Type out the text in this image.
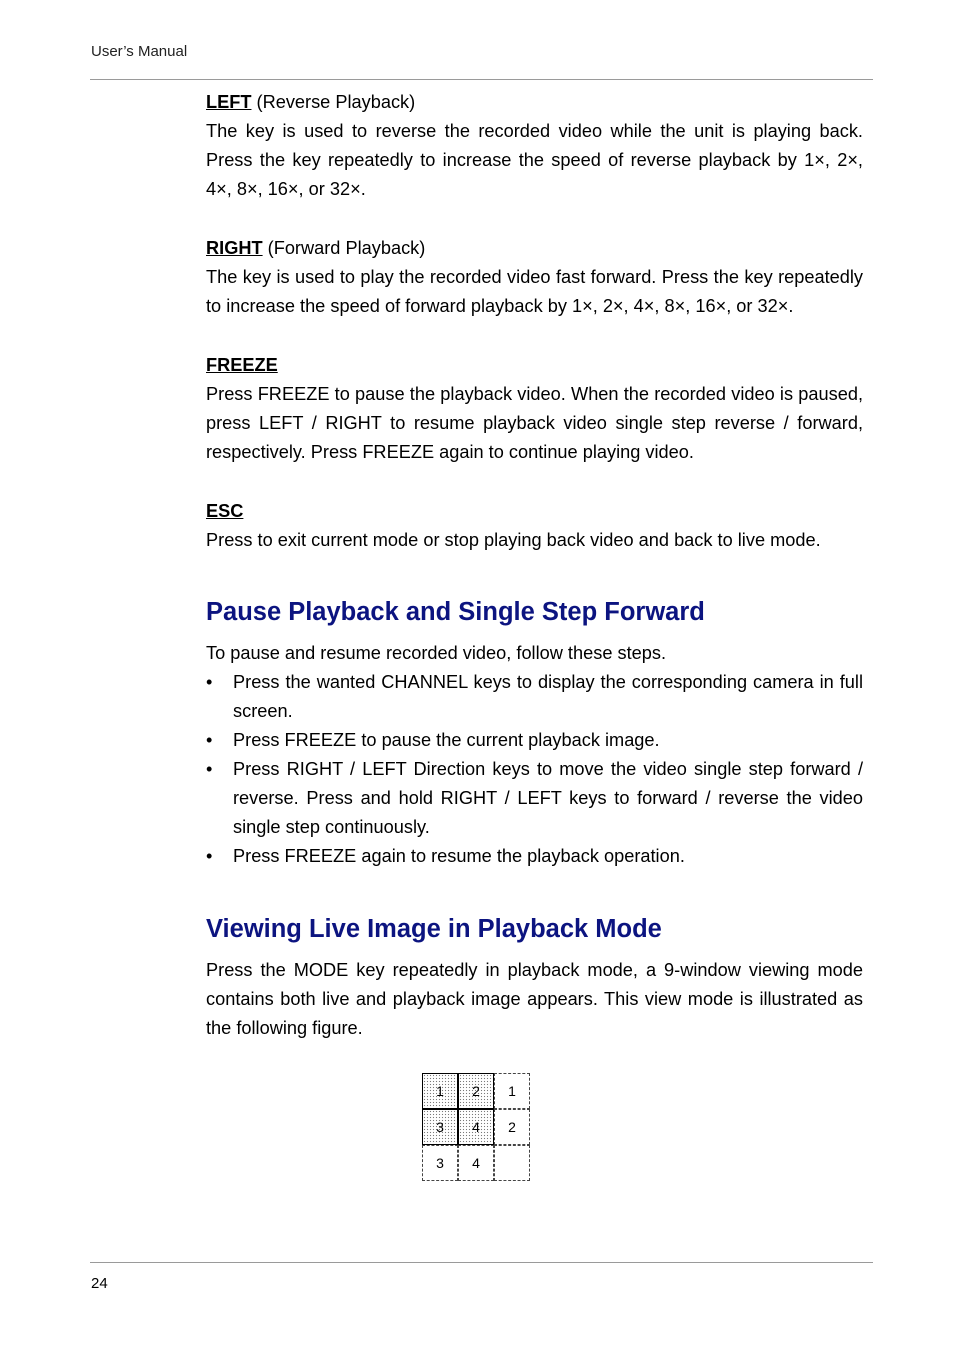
User’s Manual

LEFT (Reverse Playback)

The key is used to reverse the recorded video while the unit is playing back. Press the key repeatedly to increase the speed of reverse playback by 1×, 2×, 4×, 8×, 16×, or 32×.

RIGHT (Forward Playback)

The key is used to play the recorded video fast forward. Press the key repeatedly to increase the speed of forward playback by 1×, 2×, 4×, 8×, 16×, or 32×.

FREEZE

Press FREEZE to pause the playback video. When the recorded video is paused, press LEFT / RIGHT to resume playback video single step reverse / forward, respectively. Press FREEZE again to continue playing video.

ESC

Press to exit current mode or stop playing back video and back to live mode.

Pause Playback and Single Step Forward

To pause and resume recorded video, follow these steps.

• Press the wanted CHANNEL keys to display the corresponding camera in full screen.
• Press FREEZE to pause the current playback image.
• Press RIGHT / LEFT Direction keys to move the video single step forward / reverse. Press and hold RIGHT / LEFT keys to forward / reverse the video single step continuously.
• Press FREEZE again to resume the playback operation.
Viewing Live Image in Playback Mode

Press the MODE key repeatedly in playback mode, a 9-window viewing mode contains both live and playback image appears. This view mode is illustrated as the following figure.

1 2 1
3 4 2
3 4
24
